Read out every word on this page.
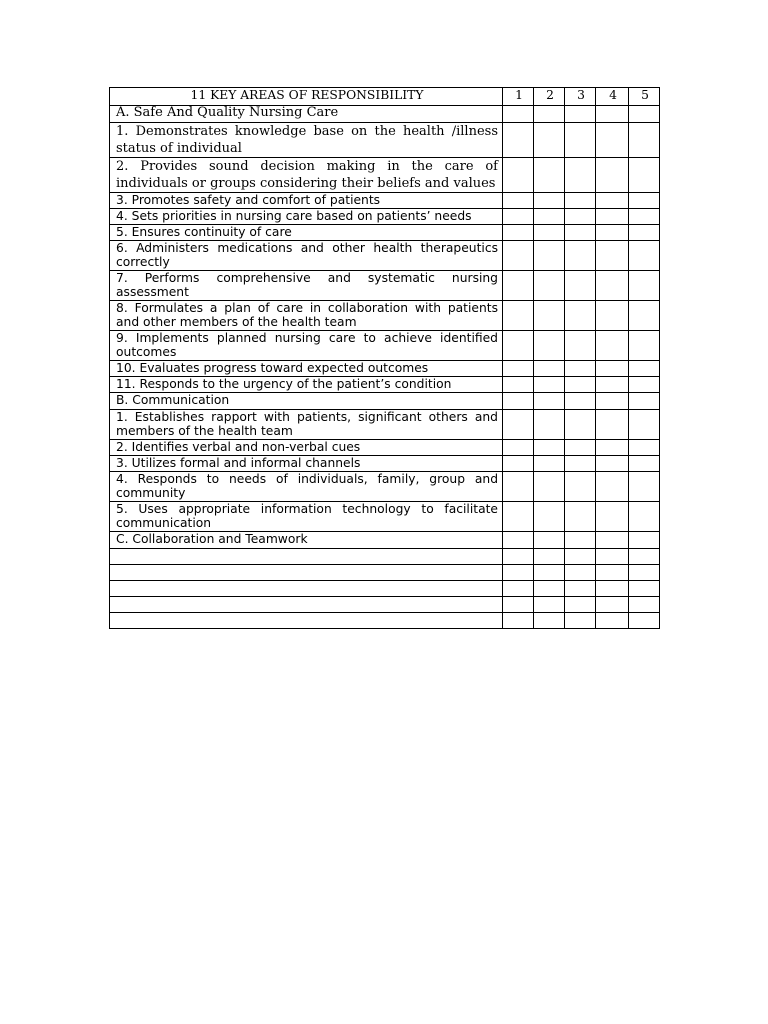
11 KEY AREAS OF RESPONSIBILITY	1	2	3	4	5
A. Safe And Quality Nursing Care					
1. Demonstrates knowledge base on the health /illness status of individual					
2. Provides sound decision making in the care of individuals or groups considering their beliefs and values					
3. Promotes safety and comfort of patients					
4. Sets priorities in nursing care based on patients’ needs					
5. Ensures continuity of care					
6. Administers medications and other health therapeutics correctly					
7. Performs comprehensive and systematic nursing assessment					
8. Formulates a plan of care in collaboration with patients and other members of the health team					
9. Implements planned nursing care to achieve identified outcomes					
10. Evaluates progress toward expected outcomes					
11. Responds to the urgency of the patient’s condition					
B. Communication					
1. Establishes rapport with patients, significant others and members of the health team					
2. Identifies verbal and non-verbal cues					
3. Utilizes formal and informal channels					
4. Responds to needs of individuals, family, group and community					
5. Uses appropriate information technology to facilitate communication					
C. Collaboration and Teamwork					
